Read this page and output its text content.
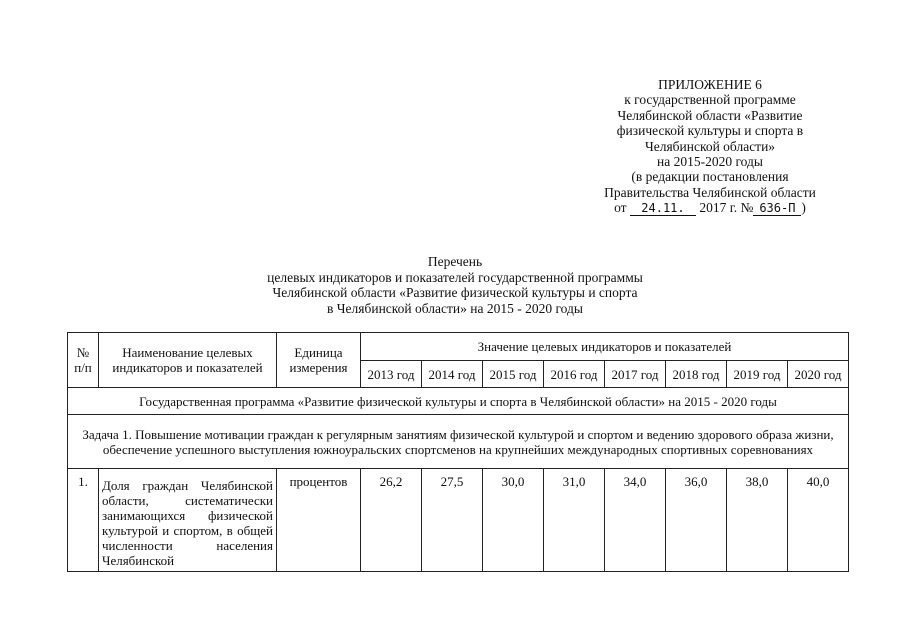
ПРИЛОЖЕНИЕ 6
к государственной программе
Челябинской области «Развитие
физической культуры и спорта в
Челябинской области»
на 2015-2020 годы
(в редакции постановления
Правительства Челябинской области
от 24.11. 2017 г. № 636-П )
Перечень
целевых индикаторов и показателей государственной программы
Челябинской области «Развитие физической культуры и спорта
в Челябинской области» на 2015 - 2020 годы
№ п/п	Наименование целевых индикаторов и показателей	Единица измерения	Значение целевых индикаторов и показателей							
			2013 год	2014 год	2015 год	2016 год	2017 год	2018 год	2019 год	2020 год
Государственная программа «Развитие физической культуры и спорта в Челябинской области» на 2015 - 2020 годы										
Задача 1. Повышение мотивации граждан к регулярным занятиям физической культурой и спортом и ведению здорового образа жизни, обеспечение успешного выступления южноуральских спортсменов на крупнейших международных спортивных соревнованиях										
1.	Доля граждан Челябинской области, систематически занимающихся физической культурой и спортом, в общей численности населения Челябинской	процентов	26,2	27,5	30,0	31,0	34,0	36,0	38,0	40,0
